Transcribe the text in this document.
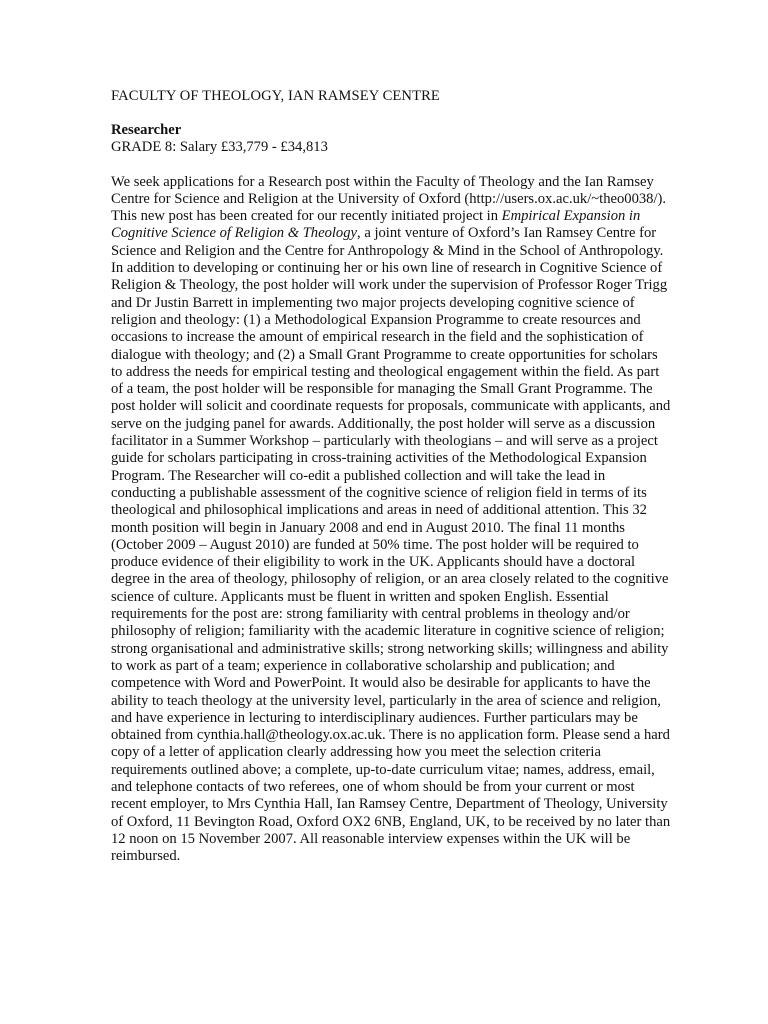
FACULTY OF THEOLOGY, IAN RAMSEY CENTRE

Researcher

GRADE 8: Salary £33,779 - £34,813

We seek applications for a Research post within the Faculty of Theology and the Ian Ramsey Centre for Science and Religion at the University of Oxford (http://users.ox.ac.uk/~theo0038/). This new post has been created for our recently initiated project in Empirical Expansion in Cognitive Science of Religion & Theology, a joint venture of Oxford’s Ian Ramsey Centre for Science and Religion and the Centre for Anthropology & Mind in the School of Anthropology. In addition to developing or continuing her or his own line of research in Cognitive Science of Religion & Theology, the post holder will work under the supervision of Professor Roger Trigg and Dr Justin Barrett in implementing two major projects developing cognitive science of religion and theology: (1) a Methodological Expansion Programme to create resources and occasions to increase the amount of empirical research in the field and the sophistication of dialogue with theology; and (2) a Small Grant Programme to create opportunities for scholars to address the needs for empirical testing and theological engagement within the field. As part of a team, the post holder will be responsible for managing the Small Grant Programme. The post holder will solicit and coordinate requests for proposals, communicate with applicants, and serve on the judging panel for awards. Additionally, the post holder will serve as a discussion facilitator in a Summer Workshop – particularly with theologians – and will serve as a project guide for scholars participating in cross-training activities of the Methodological Expansion Program. The Researcher will co-edit a published collection and will take the lead in conducting a publishable assessment of the cognitive science of religion field in terms of its theological and philosophical implications and areas in need of additional attention. This 32 month position will begin in January 2008 and end in August 2010. The final 11 months (October 2009 – August 2010) are funded at 50% time. The post holder will be required to produce evidence of their eligibility to work in the UK. Applicants should have a doctoral degree in the area of theology, philosophy of religion, or an area closely related to the cognitive science of culture. Applicants must be fluent in written and spoken English. Essential requirements for the post are: strong familiarity with central problems in theology and/or philosophy of religion; familiarity with the academic literature in cognitive science of religion; strong organisational and administrative skills; strong networking skills; willingness and ability to work as part of a team; experience in collaborative scholarship and publication; and competence with Word and PowerPoint. It would also be desirable for applicants to have the ability to teach theology at the university level, particularly in the area of science and religion, and have experience in lecturing to interdisciplinary audiences. Further particulars may be obtained from cynthia.hall@theology.ox.ac.uk. There is no application form. Please send a hard copy of a letter of application clearly addressing how you meet the selection criteria requirements outlined above; a complete, up-to-date curriculum vitae; names, address, email, and telephone contacts of two referees, one of whom should be from your current or most recent employer, to Mrs Cynthia Hall, Ian Ramsey Centre, Department of Theology, University of Oxford, 11 Bevington Road, Oxford OX2 6NB, England, UK, to be received by no later than 12 noon on 15 November 2007. All reasonable interview expenses within the UK will be reimbursed.
